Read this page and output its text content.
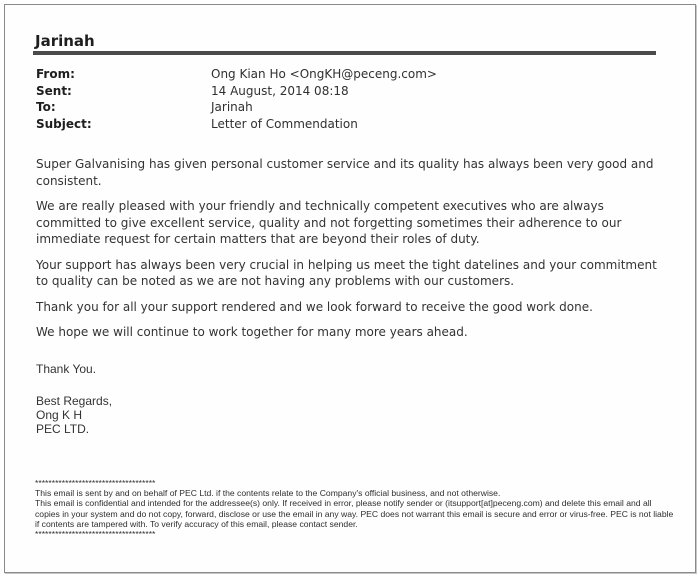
Jarinah
From:	Ong Kian Ho <OngKH@peceng.com>
Sent:	14 August, 2014 08:18
To:	Jarinah
Subject:	Letter of Commendation

Super Galvanising has given personal customer service and its quality has always been very good and consistent.

We are really pleased with your friendly and technically competent executives who are always committed to give excellent service, quality and not forgetting sometimes their adherence to our immediate request for certain matters that are beyond their roles of duty.

Your support has always been very crucial in helping us meet the tight datelines and your commitment to quality can be noted as we are not having any problems with our customers.

Thank you for all your support rendered and we look forward to receive the good work done.

We hope we will continue to work together for many more years ahead.

Thank You.
Best Regards,
Ong K H
PEC LTD.
************************************
This email is sent by and on behalf of PEC Ltd. if the contents relate to the Company's official business, and not otherwise.
This email is confidential and intended for the addressee(s) only. If received in error, please notify sender or (itsupport[at]peceng.com) and delete this email and all copies in your system and do not copy, forward, disclose or use the email in any way. PEC does not warrant this email is secure and error or virus-free. PEC is not liable if contents are tampered with. To verify accuracy of this email, please contact sender.
************************************
